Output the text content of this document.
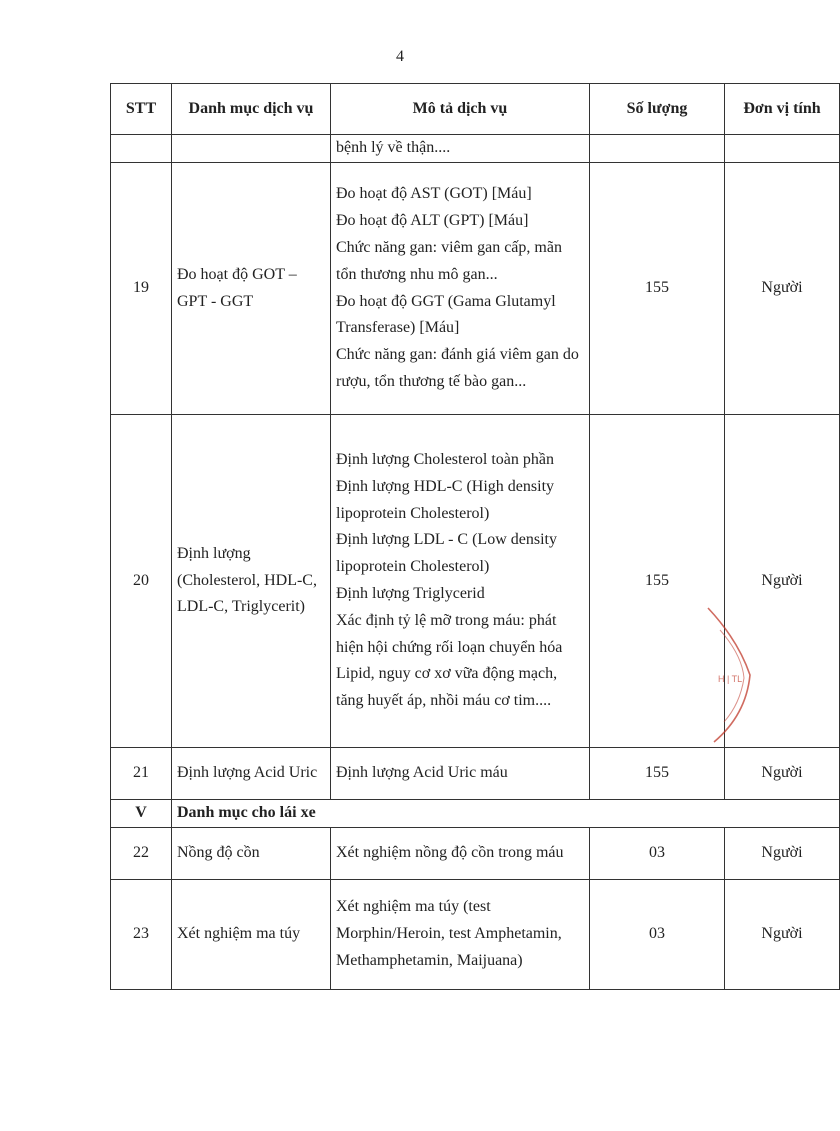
4
STT	Danh mục dịch vụ	Mô tả dịch vụ	Số lượng	Đơn vị tính

		bệnh lý về thận....		

19	Đo hoạt độ GOT – GPT - GGT	Đo hoạt độ AST (GOT) [Máu]
Đo hoạt độ ALT (GPT) [Máu]
Chức năng gan: viêm gan cấp, mãn tổn thương nhu mô gan...
Đo hoạt độ GGT (Gama Glutamyl Transferase) [Máu]
Chức năng gan: đánh giá viêm gan do rượu, tổn thương tế bào gan...	155	Người
20	Định lượng (Cholesterol, HDL-C, LDL-C, Triglycerit)	Định lượng Cholesterol toàn phần
Định lượng HDL-C (High density lipoprotein Cholesterol)
Định lượng LDL - C (Low density lipoprotein Cholesterol)
Định lượng Triglycerid
Xác định tỷ lệ mỡ trong máu: phát hiện hội chứng rối loạn chuyển hóa Lipid, nguy cơ xơ vữa động mạch, tăng huyết áp, nhồi máu cơ tim....	155	Người
21	Định lượng Acid Uric	Định lượng Acid Uric máu	155	Người
V	Danh mục cho lái xe			
22	Nồng độ cồn	Xét nghiệm nồng độ cồn trong máu	03	Người
23	Xét nghiệm ma túy	Xét nghiệm ma túy (test Morphin/Heroin, test Amphetamin, Methamphetamin, Maijuana)	03	Người
H | TL
